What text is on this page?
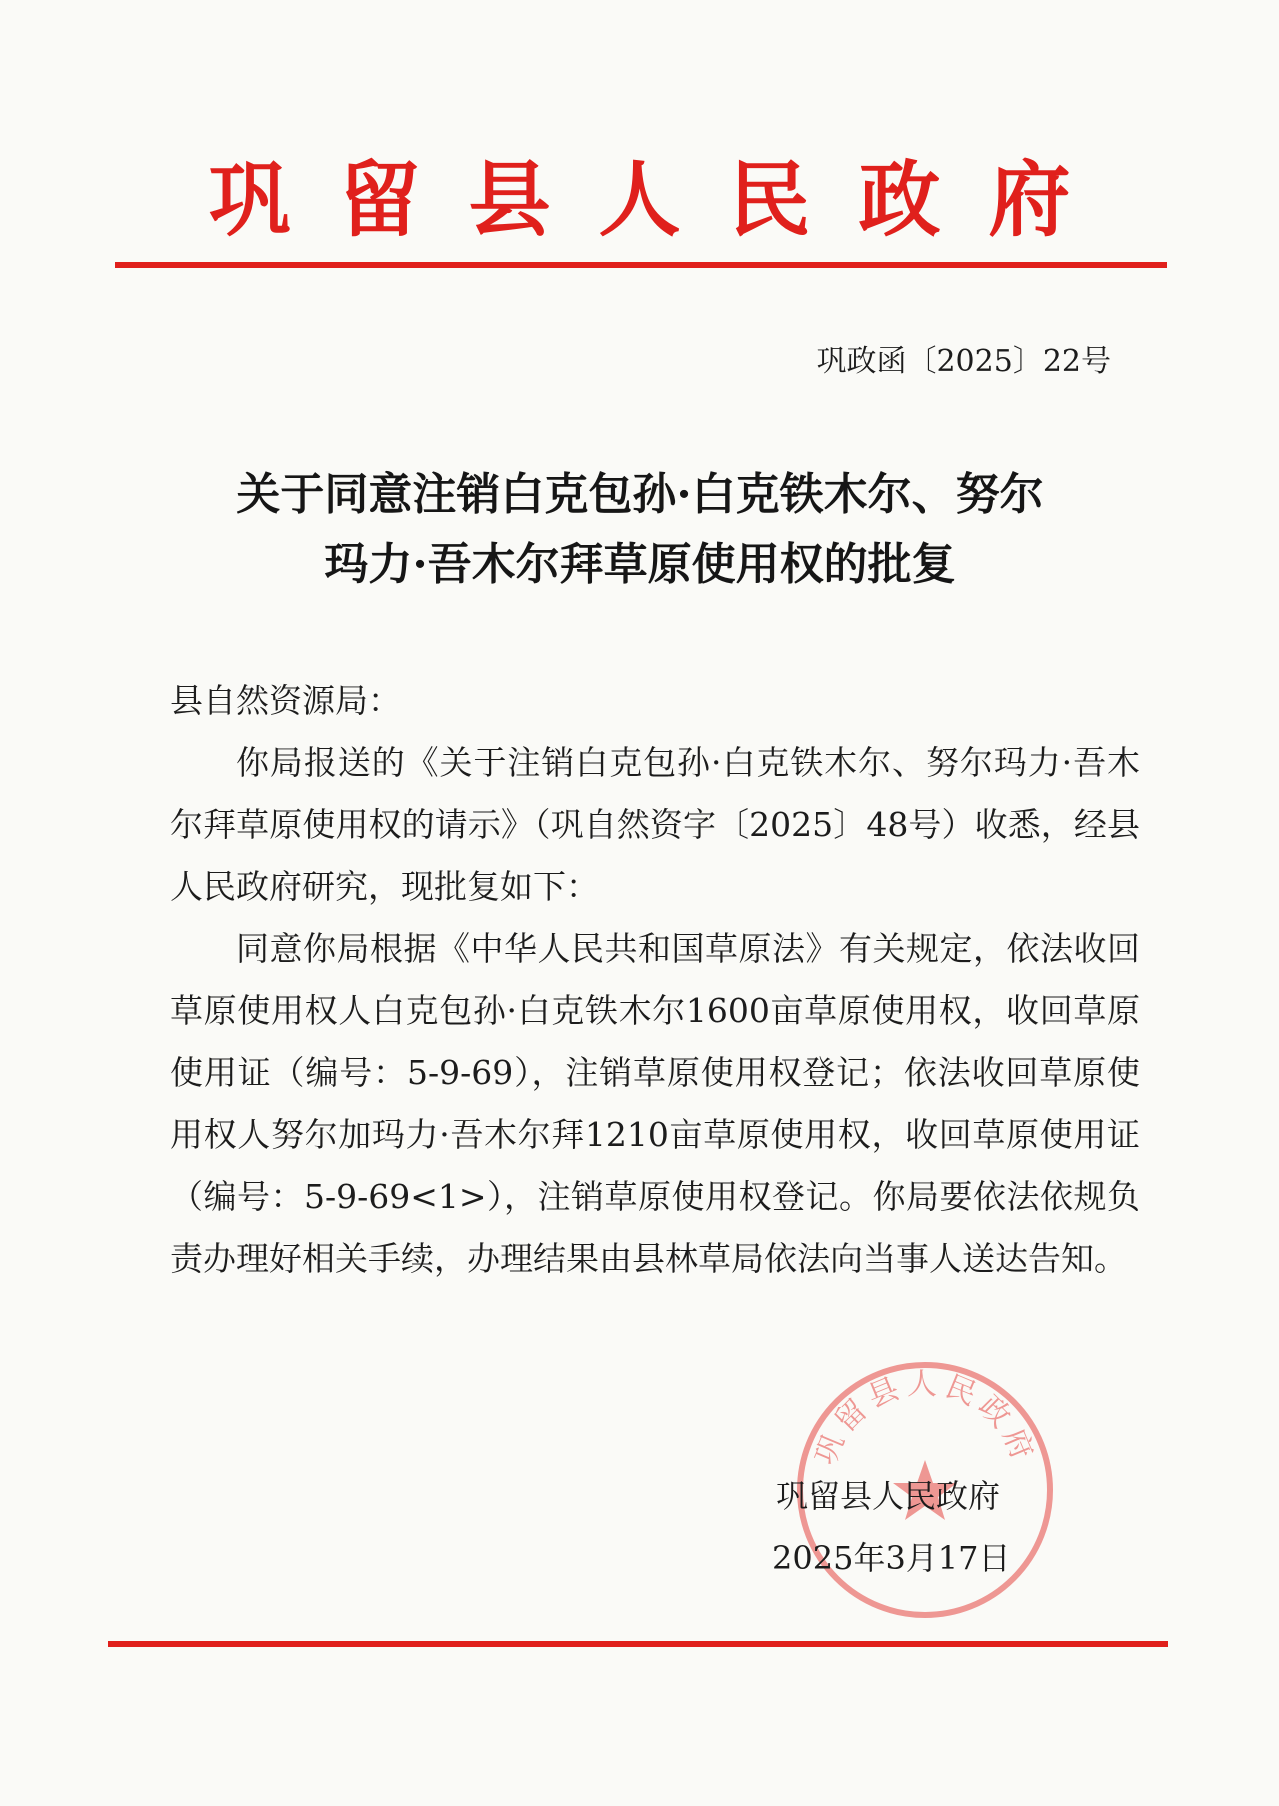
巩留县人民政府
巩政函〔2025〕22号
关于同意注销白克包孙·白克铁木尔、努尔
玛力·吾木尔拜草原使用权的批复
县自然资源局：
你局报送的《关于注销白克包孙·白克铁木尔、努尔玛力·吾木尔拜草原使用权的请示》（巩自然资字〔2025〕48号）收悉，经县人民政府研究，现批复如下：
同意你局根据《中华人民共和国草原法》有关规定，依法收回草原使用权人白克包孙·白克铁木尔1600亩草原使用权，收回草原使用证（编号：5-9-69），注销草原使用权登记；依法收回草原使用权人努尔加玛力·吾木尔拜1210亩草原使用权，收回草原使用证（编号：5-9-69<1>），注销草原使用权登记。你局要依法依规负责办理好相关手续，办理结果由县林草局依法向当事人送达告知。
巩留县人民政府
巩留县人民政府
2025年3月17日
